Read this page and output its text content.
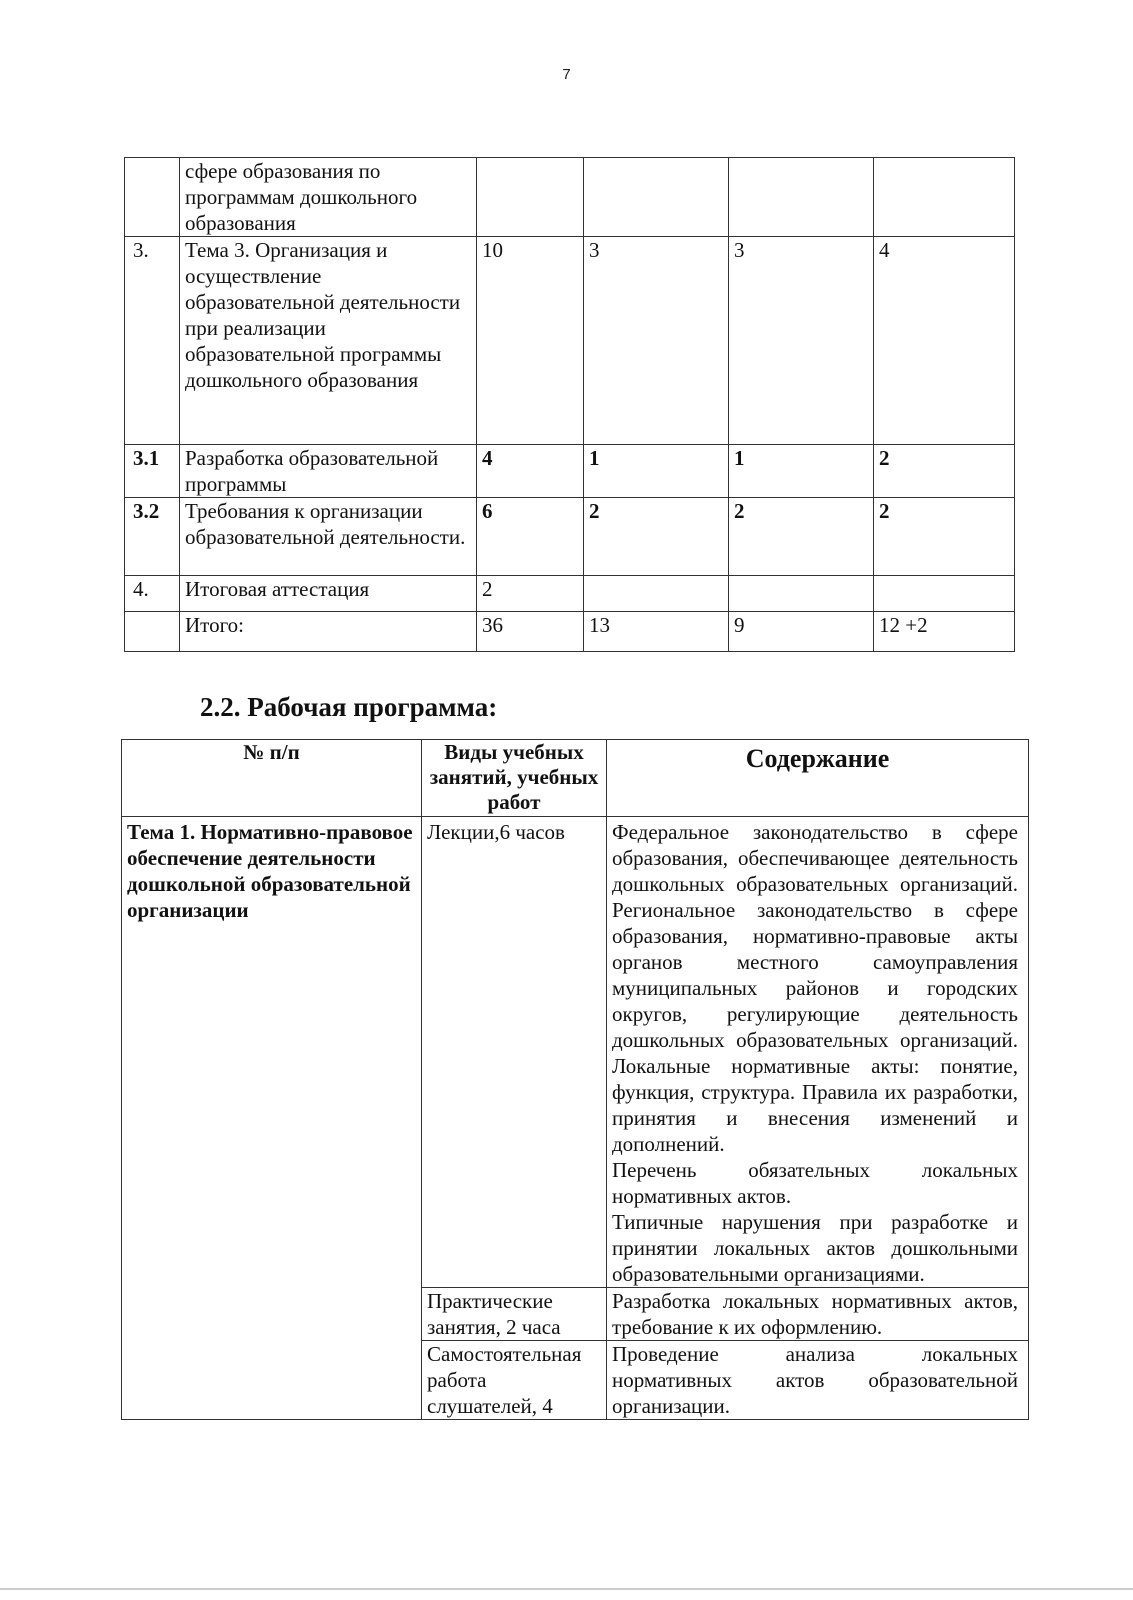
7
	сфере образования по программам дошкольного образования				
3.	Тема 3. Организация и осуществление образовательной деятельности при реализации образовательной программы дошкольного образования	10	3	3	4
3.1	Разработка образовательной программы	4	1	1	2
3.2	Требования к организации образовательной деятельности.	6	2	2	2
4.	Итоговая аттестация	2			
	Итого:	36	13	9	12 +2
2.2. Рабочая программа:
№ п/п	Виды учебных занятий, учебных работ	Содержание
Тема 1. Нормативно-правовое обеспечение деятельности дошкольной образовательной организации	Лекции,6 часов	Федеральное законодательство в сфере образования, обеспечивающее деятельность дошкольных образовательных организаций. Региональное законодательство в сфере образования, нормативно-правовые акты органов местного самоуправления муниципальных районов и городских округов, регулирующие деятельность дошкольных образовательных организаций. Локальные нормативные акты: понятие, функция, структура. Правила их разработки, принятия и внесения изменений и дополнений.

Перечень обязательных локальных нормативных актов.

Типичные нарушения при разработке и принятии локальных актов дошкольными образовательными организациями.

	Практические занятия, 2 часа	Разработка локальных нормативных актов, требование к их оформлению.

	Самостоятельная работа слушателей, 4	Проведение анализа локальных нормативных актов образовательной организации.
